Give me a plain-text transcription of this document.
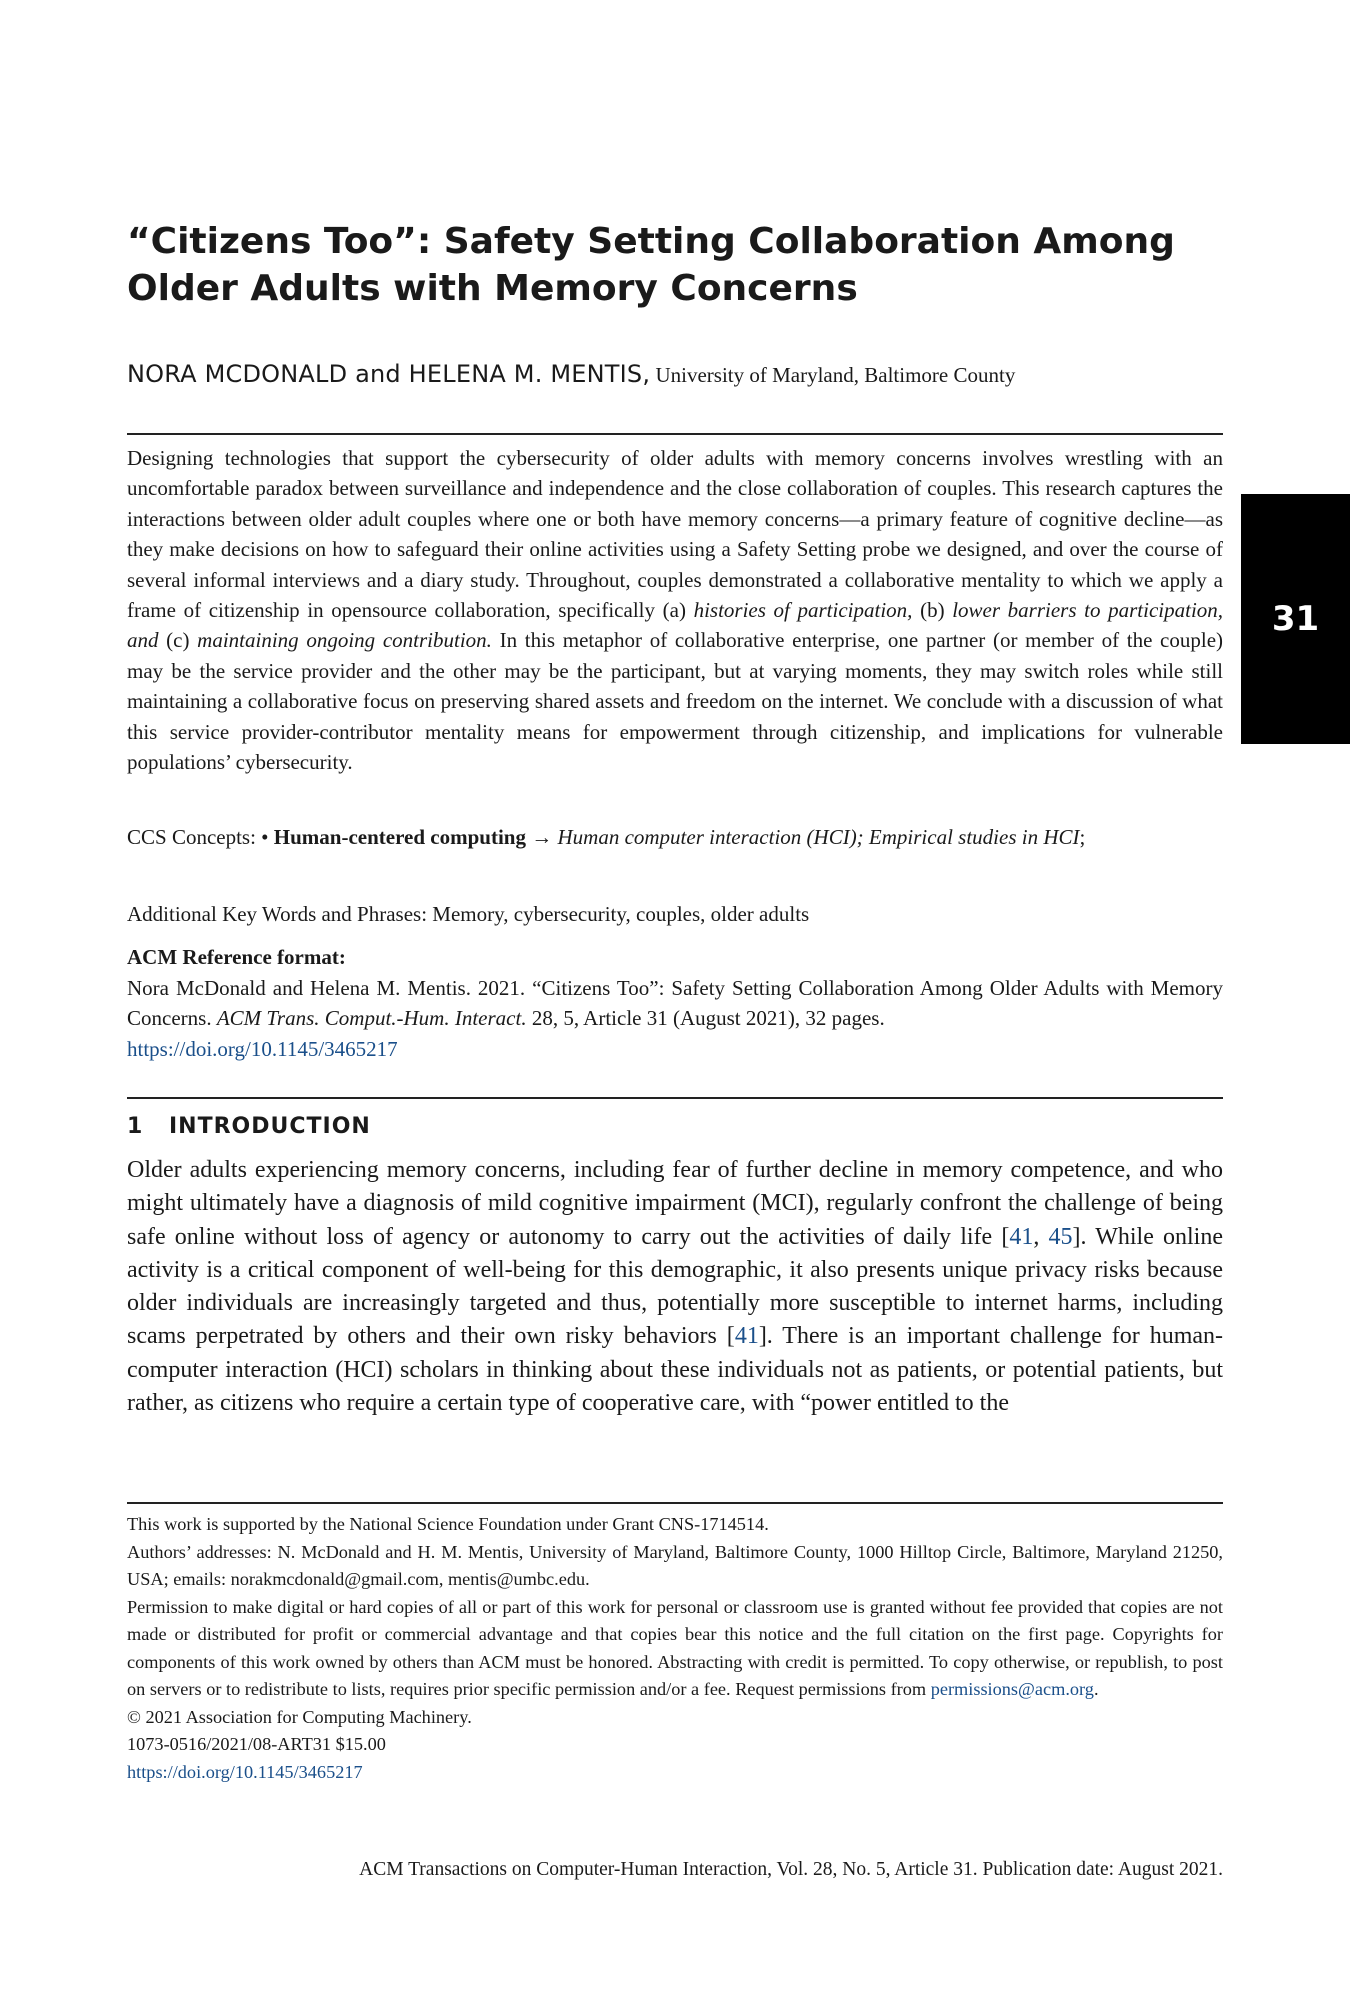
“Citizens Too”: Safety Setting Collaboration Among Older Adults with Memory Concerns
NORA MCDONALD and HELENA M. MENTIS, University of Maryland, Baltimore County

Designing technologies that support the cybersecurity of older adults with memory concerns involves wrestling with an uncomfortable paradox between surveillance and independence and the close collaboration of couples. This research captures the interactions between older adult couples where one or both have memory concerns—a primary feature of cognitive decline—as they make decisions on how to safeguard their online activities using a Safety Setting probe we designed, and over the course of several informal interviews and a diary study. Throughout, couples demonstrated a collaborative mentality to which we apply a frame of citizenship in opensource collaboration, specifically (a) histories of participation, (b) lower barriers to participation, and (c) maintaining ongoing contribution. In this metaphor of collaborative enterprise, one partner (or member of the couple) may be the service provider and the other may be the participant, but at varying moments, they may switch roles while still maintaining a collaborative focus on preserving shared assets and freedom on the internet. We conclude with a discussion of what this service provider-contributor mentality means for empowerment through citizenship, and implications for vulnerable populations’ cybersecurity.

CCS Concepts: • Human-centered computing → Human computer interaction (HCI); Empirical studies in HCI;

Additional Key Words and Phrases: Memory, cybersecurity, couples, older adults

ACM Reference format:

Nora McDonald and Helena M. Mentis. 2021. “Citizens Too”: Safety Setting Collaboration Among Older Adults with Memory Concerns. ACM Trans. Comput.-Hum. Interact. 28, 5, Article 31 (August 2021), 32 pages.
https://doi.org/10.1145/3465217

1 INTRODUCTION

Older adults experiencing memory concerns, including fear of further decline in memory competence, and who might ultimately have a diagnosis of mild cognitive impairment (MCI), regularly confront the challenge of being safe online without loss of agency or autonomy to carry out the activities of daily life [41, 45]. While online activity is a critical component of well-being for this demographic, it also presents unique privacy risks because older individuals are increasingly targeted and thus, potentially more susceptible to internet harms, including scams perpetrated by others and their own risky behaviors [41]. There is an important challenge for human-computer interaction (HCI) scholars in thinking about these individuals not as patients, or potential patients, but rather, as citizens who require a certain type of cooperative care, with “power entitled to the

This work is supported by the National Science Foundation under Grant CNS-1714514.

Authors’ addresses: N. McDonald and H. M. Mentis, University of Maryland, Baltimore County, 1000 Hilltop Circle, Baltimore, Maryland 21250, USA; emails: norakmcdonald@gmail.com, mentis@umbc.edu.

Permission to make digital or hard copies of all or part of this work for personal or classroom use is granted without fee provided that copies are not made or distributed for profit or commercial advantage and that copies bear this notice and the full citation on the first page. Copyrights for components of this work owned by others than ACM must be honored. Abstracting with credit is permitted. To copy otherwise, or republish, to post on servers or to redistribute to lists, requires prior specific permission and/or a fee. Request permissions from permissions@acm.org.

© 2021 Association for Computing Machinery.

1073-0516/2021/08-ART31 $15.00

https://doi.org/10.1145/3465217

ACM Transactions on Computer-Human Interaction, Vol. 28, No. 5, Article 31. Publication date: August 2021.

31
